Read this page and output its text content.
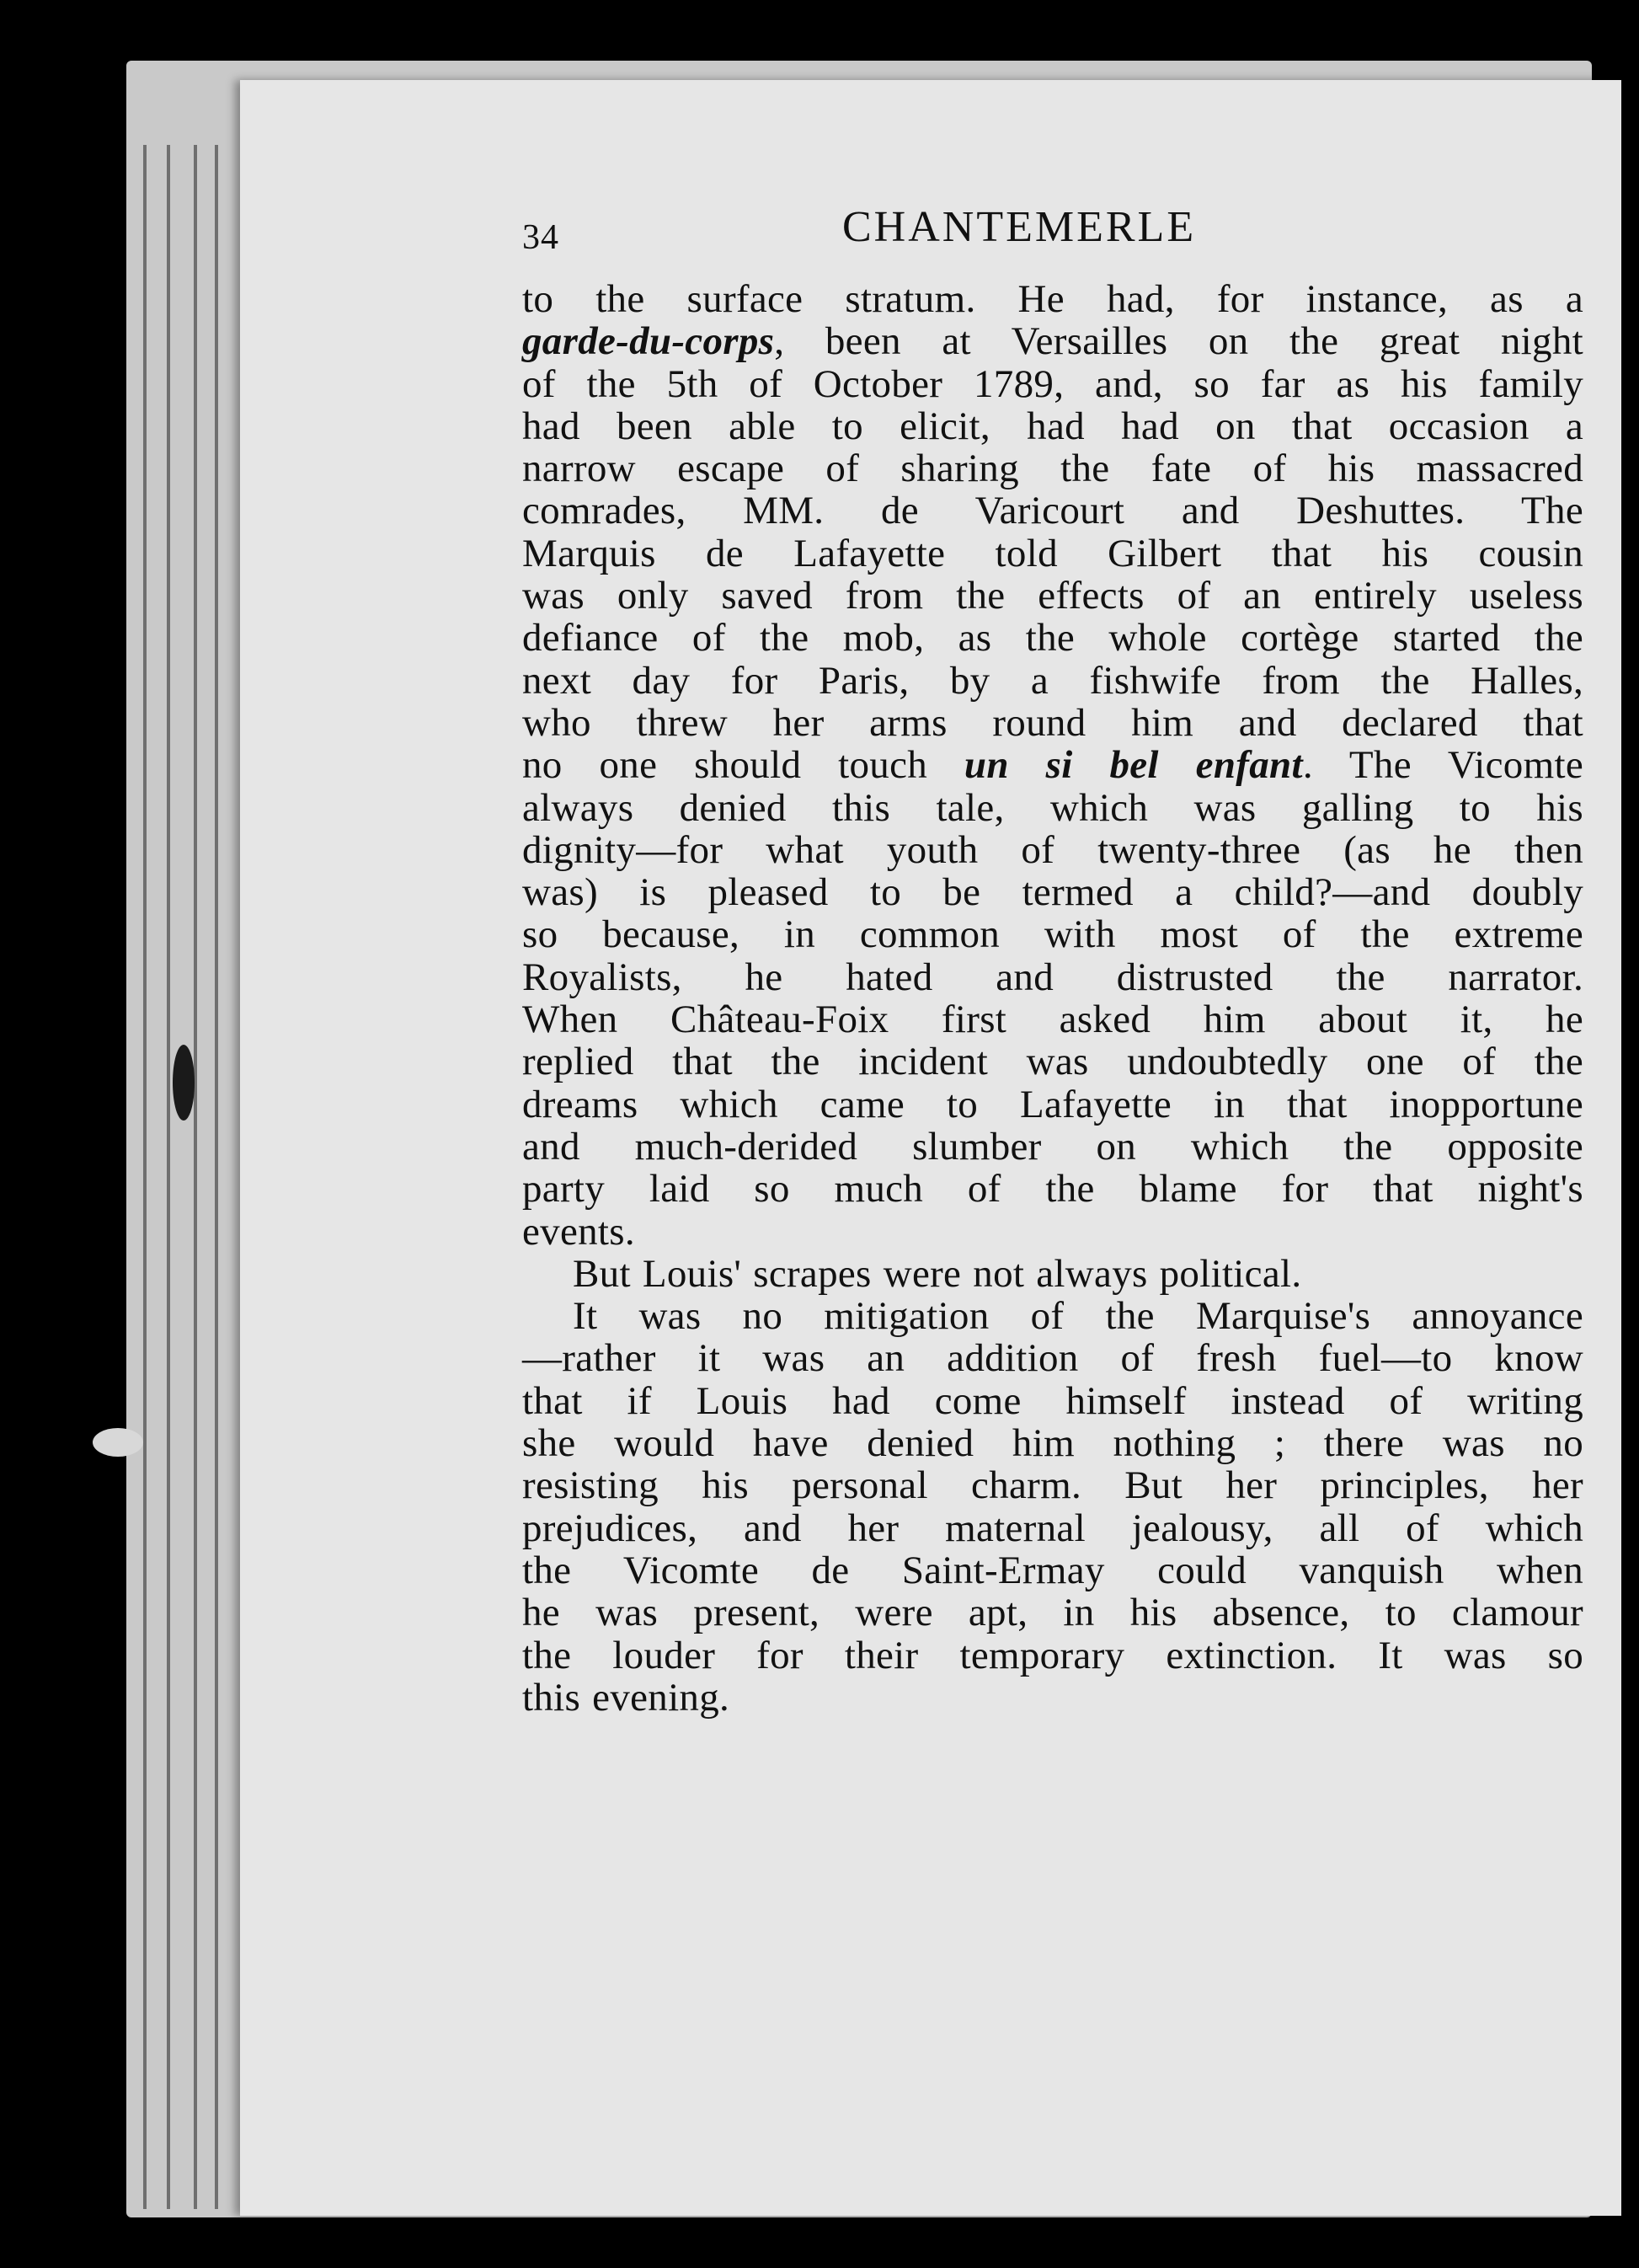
34	CHANTEMERLE
to the surface stratum. He had, for instance, as a
garde-du-corps, been at Versailles on the great night
of the 5th of October 1789, and, so far as his family
had been able to elicit, had had on that occasion a
narrow escape of sharing the fate of his massacred
comrades, MM. de Varicourt and Deshuttes. The
Marquis de Lafayette told Gilbert that his cousin
was only saved from the effects of an entirely useless
defiance of the mob, as the whole cortège started the
next day for Paris, by a fishwife from the Halles,
who threw her arms round him and declared that
no one should touch un si bel enfant. The Vicomte
always denied this tale, which was galling to his
dignity—for what youth of twenty-three (as he then
was) is pleased to be termed a child?—and doubly
so because, in common with most of the extreme
Royalists, he hated and distrusted the narrator.
When Château-Foix first asked him about it, he
replied that the incident was undoubtedly one of the
dreams which came to Lafayette in that inopportune
and much-derided slumber on which the opposite
party laid so much of the blame for that night's
events.
But Louis' scrapes were not always political.
It was no mitigation of the Marquise's annoyance
—rather it was an addition of fresh fuel—to know
that if Louis had come himself instead of writing
she would have denied him nothing ; there was no
resisting his personal charm. But her principles, her
prejudices, and her maternal jealousy, all of which
the Vicomte de Saint-Ermay could vanquish when
he was present, were apt, in his absence, to clamour
the louder for their temporary extinction. It was so
this evening.
